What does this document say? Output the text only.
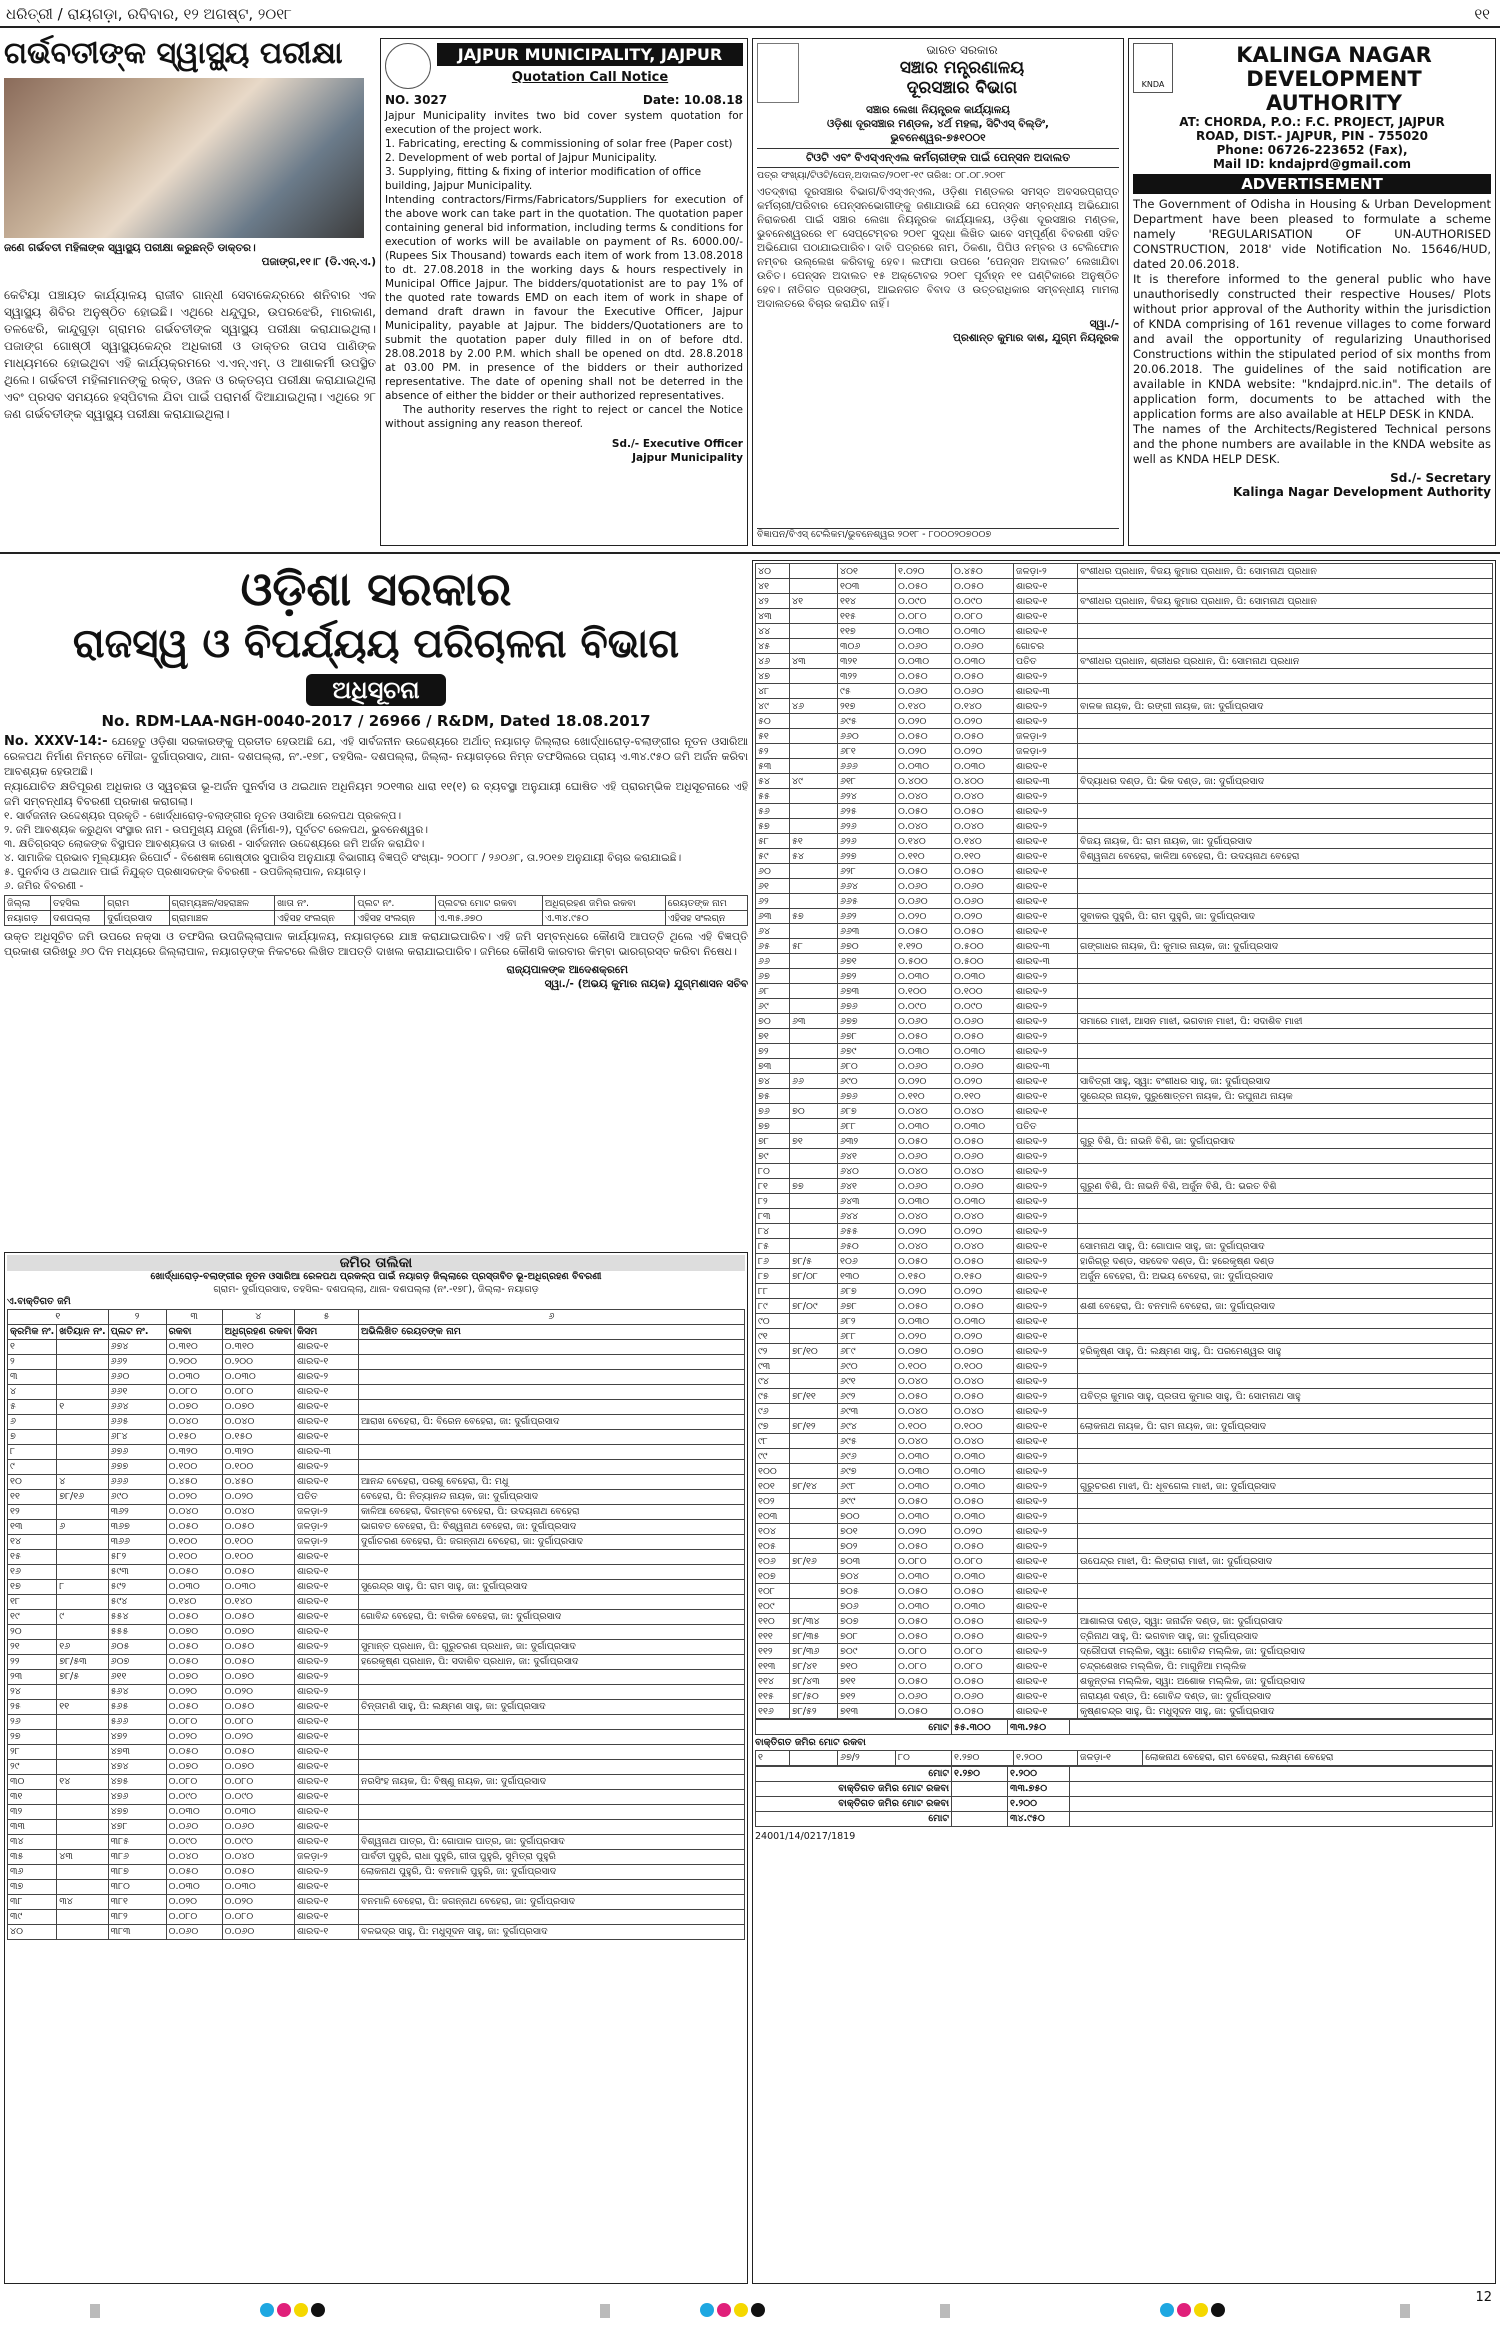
ଧରିତ୍ରୀ / ରାୟଗଡ଼ା, ରବିବାର, ୧୨ ଅଗଷ୍ଟ, ୨୦୧୮	୧୧
ଗର୍ଭବତୀଙ୍କ ସ୍ୱାସ୍ଥ୍ୟ ପରୀକ୍ଷା
ଜଣେ ଗର୍ଭବତୀ ମହିଳାଙ୍କ ସ୍ୱାସ୍ଥ୍ୟ ପରୀକ୍ଷା କରୁଛନ୍ତି ଡାକ୍ତର।
ପଜାଙ୍ଗ,୧୧।୮ (ଡି.ଏନ୍.ଏ.)
କେଟିୟା ପଞ୍ଚାୟତ କାର୍ଯ୍ୟାଳୟ ରାଜୀବ ଗାନ୍ଧୀ ସେବାକେନ୍ଦ୍ରରେ ଶନିବାର ଏକ ସ୍ୱାସ୍ଥ୍ୟ ଶିବିର ଅନୁଷ୍ଠିତ ହୋଇଛି। ଏଥିରେ ଧନ୍ଦୁପୁର, ଉପରଝେରି, ମାରକାଣ, ତଳଝେରି, କାନ୍ଦୁଗୁଡ଼ା ଗ୍ରାମର ଗର୍ଭବତୀଙ୍କ ସ୍ୱାସ୍ଥ୍ୟ ପରୀକ୍ଷା କରାଯାଇଥିଲା। ପଜାଙ୍ଗ ଗୋଷ୍ଠୀ ସ୍ୱାସ୍ଥ୍ୟକେନ୍ଦ୍ର ଅଧିକାରୀ ଓ ଡାକ୍ତର ତାପସ ପାଣିଙ୍କ ମାଧ୍ୟମରେ ହୋଇଥିବା ଏହି କାର୍ଯ୍ୟକ୍ରମରେ ଏ.ଏନ୍.ଏମ୍. ଓ ଆଶାକର୍ମୀ ଉପସ୍ଥିତ ଥିଲେ। ଗର୍ଭବତୀ ମହିଳାମାନଙ୍କୁ ରକ୍ତ, ଓଜନ ଓ ରକ୍ତଚାପ ପରୀକ୍ଷା କରାଯାଇଥିଲା ଏବଂ ପ୍ରସବ ସମୟରେ ହସ୍ପିଟାଲ ଯିବା ପାଇଁ ପରାମର୍ଶ ଦିଆଯାଇଥିଲା। ଏଥିରେ ୨୮ ଜଣ ଗର୍ଭବତୀଙ୍କ ସ୍ୱାସ୍ଥ୍ୟ ପରୀକ୍ଷା କରାଯାଇଥିଲା।
JAJPUR MUNICIPALITY, JAJPUR
Quotation Call Notice
NO. 3027	Date: 10.08.18
Jajpur Municipality invites two bid cover system quotation for execution of the project work.
1. Fabricating, erecting & commissioning of solar free (Paper cost)
2. Development of web portal of Jajpur Municipality.
3. Supplying, fitting & fixing of interior modification of office building, Jajpur Municipality.
Intending contractors/Firms/Fabricators/Suppliers for execution of the above work can take part in the quotation. The quotation paper containing general bid information, including terms & conditions for execution of works will be available on payment of Rs. 6000.00/- (Rupees Six Thousand) towards each item of work from 13.08.2018 to dt. 27.08.2018 in the working days & hours respectively in Municipal Office Jajpur. The bidders/quotationist are to pay 1% of the quoted rate towards EMD on each item of work in shape of demand draft drawn in favour the Executive Officer, Jajpur Municipality, payable at Jajpur. The bidders/Quotationers are to submit the quotation paper duly filled in on of before dtd. 28.08.2018 by 2.00 P.M. which shall be opened on dtd. 28.8.2018 at 03.00 PM. in presence of the bidders or their authorized representative. The date of opening shall not be deterred in the absence of either the bidder or their authorized representatives.
The authority reserves the right to reject or cancel the Notice without assigning any reason thereof.
Sd./- Executive Officer
Jajpur Municipality
ଭାରତ ସରକାର
ସଞ୍ଚାର ମନ୍ତ୍ରଣାଳୟ
ଦୂରସଞ୍ଚାର ବିଭାଗ
ସଞ୍ଚାର ଲେଖା ନିୟନ୍ତ୍ରକ କାର୍ଯ୍ୟାଳୟ
ଓଡ଼ିଶା ଦୂରସଞ୍ଚାର ମଣ୍ଡଳ, ୪ର୍ଥ ମହଲା, ସିଟିଏସ୍ ବିଲ୍ଡିଂ,
ଭୁବନେଶ୍ୱର-୭୫୧୦୦୧
ଟିଓଟି ଏବଂ ବିଏସ୍ଏନ୍ଏଲ କର୍ମଚାରୀଙ୍କ ପାଇଁ ପେନ୍ସନ ଅଦାଲତ
ପତ୍ର ସଂଖ୍ୟା/ଟିଓଟି/ପେନ୍.ଅଦାଲତ/୨୦୧୮-୧୯ ତାରିଖ: ୦୮.୦୮.୨୦୧୮
ଏତଦ୍ଵାରା ଦୂରସଞ୍ଚାର ବିଭାଗ/ବିଏସ୍ଏନ୍ଏଲ, ଓଡ଼ିଶା ମଣ୍ଡଳର ସମସ୍ତ ଅବସରପ୍ରାପ୍ତ କର୍ମଚାରୀ/ପରିବାର ପେନ୍ସନଭୋଗୀଙ୍କୁ ଜଣାଯାଉଛି ଯେ ପେନ୍ସନ ସମ୍ବନ୍ଧୀୟ ଅଭିଯୋଗ ନିରାକରଣ ପାଇଁ ସଞ୍ଚାର ଲେଖା ନିୟନ୍ତ୍ରକ କାର୍ଯ୍ୟାଳୟ, ଓଡ଼ିଶା ଦୂରସଞ୍ଚାର ମଣ୍ଡଳ, ଭୁବନେଶ୍ୱରରେ ୧୮ ସେପ୍ଟେମ୍ବର ୨୦୧୮ ସୁଦ୍ଧା ଲିଖିତ ଭାବେ ସମ୍ପୂର୍ଣ୍ଣ ବିବରଣୀ ସହିତ ଅଭିଯୋଗ ପଠାଯାଇପାରିବ। ଦାବି ପତ୍ରରେ ନାମ, ଠିକଣା, ପିପିଓ ନମ୍ବର ଓ ଟେଲିଫୋନ ନମ୍ବର ଉଲ୍ଲେଖ କରିବାକୁ ହେବ। ଲଫାପା ଉପରେ ‘ପେନ୍ସନ ଅଦାଲତ’ ଲେଖାଯିବା ଉଚିତ। ପେନ୍ସନ ଅଦାଲତ ୧୫ ଅକ୍ଟୋବର ୨୦୧୮ ପୂର୍ବାହ୍ନ ୧୧ ଘଣ୍ଟିକାରେ ଅନୁଷ୍ଠିତ ହେବ। ନୀତିଗତ ପ୍ରସଙ୍ଗ, ଆଇନଗତ ବିବାଦ ଓ ଉତ୍ତରାଧିକାର ସମ୍ବନ୍ଧୀୟ ମାମଲା ଅଦାଲତରେ ବିଚାର କରାଯିବ ନାହିଁ।
ସ୍ୱା./-
ପ୍ରଶାନ୍ତ କୁମାର ଦାଶ, ଯୁଗ୍ମ ନିୟନ୍ତ୍ରକ
ବିଜ୍ଞାପନ/ବିଏସ୍ ଟେଲିକମ/ଭୁବନେଶ୍ୱର ୨୦୧୮ - ୮୦୦୦୨୦୭୦୦୭
KNDA
KALINGA NAGAR
DEVELOPMENT AUTHORITY
AT: CHORDA, P.O.: F.C. PROJECT, JAJPUR
ROAD, DIST.- JAJPUR, PIN - 755020
Phone: 06726-223652 (Fax),
Mail ID: kndajprd@gmail.com
ADVERTISEMENT
The Government of Odisha in Housing & Urban Development Department have been pleased to formulate a scheme namely 'REGULARISATION OF UN-AUTHORISED CONSTRUCTION, 2018' vide Notification No. 15646/HUD, dated 20.06.2018.
It is therefore informed to the general public who have unauthorisedly constructed their respective Houses/ Plots without prior approval of the Authority within the jurisdiction of KNDA comprising of 161 revenue villages to come forward and avail the opportunity of regularizing Unauthorised Constructions within the stipulated period of six months from 20.06.2018. The guidelines of the said notification are available in KNDA website: "kndajprd.nic.in". The details of application form, documents to be attached with the application forms are also available at HELP DESK in KNDA.
The names of the Architects/Registered Technical persons and the phone numbers are available in the KNDA website as well as KNDA HELP DESK.
Sd./- Secretary
Kalinga Nagar Development Authority
ଓଡ଼ିଶା ସରକାର
ରାଜସ୍ୱ ଓ ବିପର୍ଯ୍ୟୟ ପରିଚାଳନା ବିଭାଗ
ଅଧିସୂଚନା
No. RDM-LAA-NGH-0040-2017 / 26966 / R&DM, Dated 18.08.2017
No. XXXV-14:- ଯେହେତୁ ଓଡ଼ିଶା ସରକାରଙ୍କୁ ପ୍ରତୀତ ହେଉଅଛି ଯେ, ଏହି ସାର୍ବଜନୀନ ଉଦ୍ଦେଶ୍ୟରେ ଅର୍ଥାତ୍ ନୟାଗଡ଼ ଜିଲ୍ଲାର ଖୋର୍ଦ୍ଧାରୋଡ଼-ବଲାଙ୍ଗୀର ନୂତନ ଓସାରିଆ ରେଳପଥ ନିର୍ମାଣ ନିମନ୍ତେ ମୌଜା- ଦୁର୍ଗାପ୍ରସାଦ, ଥାନା- ଦଶପଲ୍ଲା, ନଂ.-୧୭୮, ତହସିଲ- ଦଶପଲ୍ଲା, ଜିଲ୍ଲା- ନୟାଗଡ଼ରେ ନିମ୍ନ ତଫସିଲରେ ପ୍ରାୟ ଏ.୩୪.୯୫୦ ଜମି ଅର୍ଜନ କରିବା ଆବଶ୍ୟକ ହେଉଅଛି।
ନ୍ୟାଯୋଚିତ କ୍ଷତିପୂରଣ ଅଧିକାର ଓ ସ୍ୱଚ୍ଛତା ଭୂ-ଅର୍ଜନ ପୁନର୍ବାସ ଓ ଥଇଥାନ ଅଧିନିୟମ ୨୦୧୩ର ଧାରା ୧୧(୧) ର ବ୍ୟବସ୍ଥା ଅନୁଯାୟୀ ଘୋଷିତ ଏହି ପ୍ରାରମ୍ଭିକ ଅଧିସୂଚନାରେ ଏହି ଜମି ସମ୍ବନ୍ଧୀୟ ବିବରଣୀ ପ୍ରକାଶ କରାଗଲା।
୧. ସାର୍ବଜନୀନ ଉଦ୍ଦେଶ୍ୟର ପ୍ରକୃତି - ଖୋର୍ଦ୍ଧାରୋଡ଼-ବଲାଙ୍ଗୀର ନୂତନ ଓସାରିଆ ରେଳପଥ ପ୍ରକଳ୍ପ।
୨. ଜମି ଆବଶ୍ୟକ କରୁଥିବା ସଂସ୍ଥାର ନାମ - ଉପମୁଖ୍ୟ ଯନ୍ତ୍ରୀ (ନିର୍ମାଣ-୨), ପୂର୍ବତଟ ରେଳପଥ, ଭୁବନେଶ୍ୱର।
୩. କ୍ଷତିଗ୍ରସ୍ତ ଲୋକଙ୍କ ବିସ୍ଥାପନ ଆବଶ୍ୟକତା ଓ କାରଣ - ସାର୍ବଜନୀନ ଉଦ୍ଦେଶ୍ୟରେ ଜମି ଅର୍ଜନ କରାଯିବ।
୪. ସାମାଜିକ ପ୍ରଭାବ ମୂଲ୍ୟାୟନ ରିପୋର୍ଟ - ବିଶେଷଜ୍ଞ ଗୋଷ୍ଠୀର ସୁପାରିସ ଅନୁଯାୟୀ ବିଭାଗୀୟ ବିଜ୍ଞପ୍ତି ସଂଖ୍ୟା- ୨୦୦୮୮ / ୨୬୦୬୮, ତା.୨୦୧୭ ଅନୁଯାୟୀ ବିଚାର କରାଯାଇଛି।
୫. ପୁନର୍ବାସ ଓ ଥଇଥାନ ପାଇଁ ନିଯୁକ୍ତ ପ୍ରଶାସକଙ୍କ ବିବରଣୀ - ଉପଜିଲ୍ଲାପାଳ, ନୟାଗଡ଼।
୬. ଜମିର ବିବରଣୀ -
ଜିଲ୍ଲା	ତହସିଲ	ଗ୍ରାମ	ଗ୍ରାମ୍ୟଞ୍ଚଳ/ସହରାଞ୍ଚଳ	ଖାତା ନଂ.	ପ୍ଲଟ ନଂ.	ପ୍ଲଟର ମୋଟ ରକବା	ଅଧିଗ୍ରହଣ ଜମିର ରକବା	ରେୟତଙ୍କ ନାମ
ନୟାଗଡ଼	ଦଶପଲ୍ଲା	ଦୁର୍ଗାପ୍ରସାଦ	ଗ୍ରାମାଞ୍ଚଳ	ଏହିସହ ସଂଲଗ୍ନ	ଏହିସହ ସଂଲଗ୍ନ	ଏ.୩୫.୬୭୦	ଏ.୩୪.୯୫୦	ଏହିସହ ସଂଲଗ୍ନ
ଉକ୍ତ ଅଧିସୂଚିତ ଜମି ଉପରେ ନକ୍ସା ଓ ତଫସିଲ ଉପଜିଲ୍ଲାପାଳ କାର୍ଯ୍ୟାଳୟ, ନୟାଗଡ଼ରେ ଯାଞ୍ଚ କରାଯାଇପାରିବ। ଏହି ଜମି ସମ୍ବନ୍ଧରେ କୌଣସି ଆପତ୍ତି ଥିଲେ ଏହି ବିଜ୍ଞପ୍ତି ପ୍ରକାଶ ତାରିଖରୁ ୬୦ ଦିନ ମଧ୍ୟରେ ଜିଲ୍ଲାପାଳ, ନୟାଗଡ଼ଙ୍କ ନିକଟରେ ଲିଖିତ ଆପତ୍ତି ଦାଖଲ କରାଯାଇପାରିବ। ଜମିରେ କୌଣସି କାରବାର କିମ୍ବା ଭାରଗ୍ରସ୍ତ କରିବା ନିଷେଧ।
ରାଜ୍ୟପାଳଙ୍କ ଆଦେଶକ୍ରମେ
ସ୍ୱା./- (ଅଭୟ କୁମାର ନାୟକ) ଯୁଗ୍ମଶାସନ ସଚିବ
ଜମିର ତାଲିକା
ଖୋର୍ଦ୍ଧାରୋଡ଼-ବଲାଙ୍ଗୀର ନୂତନ ଓସାରିଆ ରେଳପଥ ପ୍ରକଳ୍ପ ପାଇଁ ନୟାଗଡ଼ ଜିଲ୍ଲାରେ ପ୍ରସ୍ତାବିତ ଭୂ-ଅଧିଗ୍ରହଣ ବିବରଣୀ
ଗ୍ରାମ- ଦୁର୍ଗାପ୍ରସାଦ, ତହସିଲ- ଦଶପଲ୍ଲା, ଥାନା- ଦଶପଲ୍ଲା (ନଂ.-୧୭୮), ଜିଲ୍ଲା- ନୟାଗଡ଼
ଏ.ବାକ୍ତିଗତ ଜମି
୧		୨	୩	୪	୫	୬
କ୍ରମିକ ନଂ.	ଖତିୟାନ ନଂ.	ପ୍ଲଟ ନଂ.	ରକବା	ଅଧିଗ୍ରହଣ ରକବା	କିସମ	ଅଭିଲିଖିତ ରେୟତଙ୍କ ନାମ
୧		୬୭୪	୦.୩୧୦	୦.୩୧୦	ଶାରଦ-୧	
୨		୬୬୨	୦.୨୦୦	୦.୨୦୦	ଶାରଦ-୧	
୩		୬୬୦	୦.୦୩୦	୦.୦୩୦	ଶାରଦ-୨	
୪		୬୬୧	୦.୦୮୦	୦.୦୮୦	ଶାରଦ-୧	
୫	୧	୬୬୪	୦.୦୭୦	୦.୦୭୦	ଶାରଦ-୧	
୬		୬୬୫	୦.୦୪୦	୦.୦୪୦	ଶାରଦ-୧	ଆରାଖ ବେହେରା, ପି: ବିରେନ ବେହେରା, ଜା: ଦୁର୍ଗାପ୍ରସାଦ
୭		୬୮୪	୦.୧୫୦	୦.୧୫୦	ଶାରଦ-୧	
୮		୬୭୬	୦.୩୨୦	୦.୩୨୦	ଶାରଦ-୩	
୯		୬୭୭	୦.୧୦୦	୦.୧୦୦	ଶାରଦ-୨	
୧୦	୪	୬୬୬	୦.୪୫୦	୦.୪୫୦	ଶାରଦ-୧	ଆନନ୍ଦ ବେହେରା, ପରଶୁ ବେହେରା, ପି: ମଧୁ
୧୧	୭୮/୧୬	୬୯୦	୦.୦୨୦	୦.୦୨୦	ପତିତ	ବେହେରା, ପି: ନିତ୍ୟାନନ୍ଦ ନାୟକ, ଜା: ଦୁର୍ଗାପ୍ରସାଦ
୧୨		୩୬୨	୦.୦୪୦	୦.୦୪୦	ଜଳଡ଼ା-୨	କାଳିଆ ବେହେରା, ଦିଗମ୍ବର ବେହେରା, ପି: ଉଦୟନାଥ ବେହେରା
୧୩	୬	୩୬୭	୦.୦୫୦	୦.୦୫୦	ଜଳଡ଼ା-୨	ଭାଗବତ ବେହେରା, ପି: ବିଶ୍ୱନାଥ ବେହେରା, ଜା: ଦୁର୍ଗାପ୍ରସାଦ
୧୪		୩୬୬	୦.୧୦୦	୦.୧୦୦	ଜଳଡ଼ା-୨	ଦୁର୍ଗାଚରଣ ବେହେରା, ପି: ଜଗନ୍ନାଥ ବେହେରା, ଜା: ଦୁର୍ଗାପ୍ରସାଦ
୧୫		୫୮୨	୦.୧୦୦	୦.୧୦୦	ଶାରଦ-୧	
୧୬		୫୯୩	୦.୦୫୦	୦.୦୫୦	ଶାରଦ-୧	
୧୭	୮	୫୯୨	୦.୦୩୦	୦.୦୩୦	ଶାରଦ-୧	ସୁରେନ୍ଦ୍ର ସାହୁ, ପି: ରାମ ସାହୁ, ଜା: ଦୁର୍ଗାପ୍ରସାଦ
୧୮		୫୯୪	୦.୧୪୦	୦.୧୪୦	ଶାରଦ-୧	
୧୯	୯	୫୫୪	୦.୦୫୦	୦.୦୫୦	ଶାରଦ-୧	ଗୋବିନ୍ଦ ବେହେରା, ପି: ବାରିକ ବେହେରା, ଜା: ଦୁର୍ଗାପ୍ରସାଦ
୨୦		୫୫୫	୦.୦୭୦	୦.୦୭୦	ଶାରଦ-୧	
୨୧	୧୬	୬୦୫	୦.୦୫୦	୦.୦୫୦	ଶାରଦ-୨	ସୁମାନ୍ତ ପ୍ରଧାନ, ପି: ଗୁରୁଚରଣ ପ୍ରଧାନ, ଜା: ଦୁର୍ଗାପ୍ରସାଦ
୨୨	୭୮/୫୩	୬୦୭	୦.୦୫୦	୦.୦୫୦	ଶାରଦ-୨	ହରେକୃଷ୍ଣ ପ୍ରଧାନ, ପି: ସଦାଶିବ ପ୍ରଧାନ, ଜା: ଦୁର୍ଗାପ୍ରସାଦ
୨୩	୭୮/୫	୬୧୧	୦.୦୭୦	୦.୦୭୦	ଶାରଦ-୨	
୨୪		୫୬୪	୦.୦୨୦	୦.୦୨୦	ଶାରଦ-୨	
୨୫	୧୧	୫୬୫	୦.୦୫୦	୦.୦୫୦	ଶାରଦ-୧	ଚିନ୍ତାମଣି ସାହୁ, ପି: ଲକ୍ଷ୍ମଣ ସାହୁ, ଜା: ଦୁର୍ଗାପ୍ରସାଦ
୨୬		୫୬୬	୦.୦୮୦	୦.୦୮୦	ଶାରଦ-୧	
୨୭		୪୭୨	୦.୦୨୦	୦.୦୨୦	ଶାରଦ-୧	
୨୮		୪୭୩	୦.୦୫୦	୦.୦୫୦	ଶାରଦ-୧	
୨୯		୪୭୪	୦.୦୭୦	୦.୦୭୦	ଶାରଦ-୧	
୩୦	୧୪	୪୭୫	୦.୦୮୦	୦.୦୮୦	ଶାରଦ-୧	ନରସିଂହ ନାୟକ, ପି: ବିଷ୍ଣୁ ନାୟକ, ଜା: ଦୁର୍ଗାପ୍ରସାଦ
୩୧		୪୭୬	୦.୦୯୦	୦.୦୯୦	ଶାରଦ-୧	
୩୨		୪୭୭	୦.୦୩୦	୦.୦୩୦	ଶାରଦ-୧	
୩୩		୪୭୮	୦.୦୬୦	୦.୦୬୦	ଶାରଦ-୧	
୩୪		୩୮୫	୦.୦୯୦	୦.୦୯୦	ଶାରଦ-୧	ବିଶ୍ୱନାଥ ପାତ୍ର, ପି: ଗୋପାଳ ପାତ୍ର, ଜା: ଦୁର୍ଗାପ୍ରସାଦ
୩୫	୪୩	୩୮୬	୦.୦୪୦	୦.୦୪୦	ଜଳଡ଼ା-୨	ପାର୍ବତୀ ପୁହୁରି, ରାଧା ପୁହୁରି, ଗୀତା ପୁହୁରି, ସୁମିତ୍ରା ପୁହୁରି
୩୬		୩୮୭	୦.୦୫୦	୦.୦୫୦	ଶାରଦ-୨	ଲୋକନାଥ ପୁହୁରି, ପି: ବନମାଳି ପୁହୁରି, ଜା: ଦୁର୍ଗାପ୍ରସାଦ
୩୭		୩୮୦	୦.୦୩୦	୦.୦୩୦	ଶାରଦ-୧	
୩୮	୩୪	୩୮୧	୦.୦୨୦	୦.୦୨୦	ଶାରଦ-୧	ବନମାଳି ବେହେରା, ପି: ଜଗନ୍ନାଥ ବେହେରା, ଜା: ଦୁର୍ଗାପ୍ରସାଦ
୩୯		୩୮୨	୦.୦୮୦	୦.୦୮୦	ଶାରଦ-୧	
୪୦		୩୮୩	୦.୦୬୦	୦.୦୬୦	ଶାରଦ-୧	ବଳଭଦ୍ର ସାହୁ, ପି: ମଧୁସୂଦନ ସାହୁ, ଜା: ଦୁର୍ଗାପ୍ରସାଦ
୪୦		୪୦୧	୧.୦୨୦	୦.୪୫୦	ଜଳଡ଼ା-୨	ବଂଶୀଧର ପ୍ରଧାନ, ବିଜୟ କୁମାର ପ୍ରଧାନ, ପି: ସୋମନାଥ ପ୍ରଧାନ
୪୧		୧୦୩	୦.୦୫୦	୦.୦୫୦	ଶାରଦ-୧	
୪୨	୪୧	୧୧୪	୦.୦୯୦	୦.୦୯୦	ଶାରଦ-୧	ବଂଶୀଧର ପ୍ରଧାନ, ବିଜୟ କୁମାର ପ୍ରଧାନ, ପି: ସୋମନାଥ ପ୍ରଧାନ
୪୩		୧୧୫	୦.୦୮୦	୦.୦୮୦	ଶାରଦ-୧	
୪୪		୧୧୭	୦.୦୩୦	୦.୦୩୦	ଶାରଦ-୧	
୪୫		୩୦୬	୦.୦୬୦	୦.୦୬୦	ଗୋଚର	
୪୬	୪୩	୩୨୧	୦.୦୩୦	୦.୦୩୦	ପତିତ	ବଂଶୀଧର ପ୍ରଧାନ, ଶ୍ରୀଧର ପ୍ରଧାନ, ପି: ସୋମନାଥ ପ୍ରଧାନ
୪୭		୩୨୨	୦.୦୫୦	୦.୦୫୦	ଶାରଦ-୨	
୪୮		୯୫	୦.୦୬୦	୦.୦୬୦	ଶାରଦ-୩	
୪୯	୪୬	୨୧୭	୦.୧୪୦	୦.୧୪୦	ଶାରଦ-୨	ବାଳକ ନାୟକ, ପି: ରଙ୍ଗୀ ନାୟକ, ଜା: ଦୁର୍ଗାପ୍ରସାଦ
୫୦		୬୯୫	୦.୦୨୦	୦.୦୨୦	ଶାରଦ-୨	
୫୧		୬୬୦	୦.୦୫୦	୦.୦୫୦	ଜଳଡ଼ା-୨	
୫୨		୬୮୧	୦.୦୨୦	୦.୦୨୦	ଜଳଡ଼ା-୨	
୫୩		୬୬୬	୦.୦୩୦	୦.୦୩୦	ଶାରଦ-୧	
୫୪	୪୯	୬୧୮	୦.୪୦୦	୦.୪୦୦	ଶାରଦ-୩	ବିଦ୍ୟାଧର ଦଣ୍ଡ, ପି: ଭିକ ଦଣ୍ଡ, ଜା: ଦୁର୍ଗାପ୍ରସାଦ
୫୫		୬୨୪	୦.୦୪୦	୦.୦୪୦	ଶାରଦ-୨	
୫୬		୬୨୫	୦.୦୫୦	୦.୦୫୦	ଶାରଦ-୨	
୫୭		୬୨୬	୦.୦୪୦	୦.୦୪୦	ଶାରଦ-୨	
୫୮	୫୧	୬୨୬	୦.୧୪୦	୦.୧୪୦	ଶାରଦ-୧	ବିଜୟ ନାୟକ, ପି: ରାମ ନାୟକ, ଜା: ଦୁର୍ଗାପ୍ରସାଦ
୫୯	୫୪	୬୨୭	୦.୧୧୦	୦.୧୧୦	ଶାରଦ-୧	ବିଶ୍ୱନାଥ ବେହେରା, କାଳିଆ ବେହେରା, ପି: ଉଦୟନାଥ ବେହେରା
୬୦		୬୨୮	୦.୦୫୦	୦.୦୫୦	ଶାରଦ-୧	
୬୧		୬୬୪	୦.୦୬୦	୦.୦୬୦	ଶାରଦ-୧	
୬୨		୬୬୫	୦.୦୬୦	୦.୦୬୦	ଶାରଦ-୧	
୬୩	୫୭	୬୬୨	୦.୦୨୦	୦.୦୨୦	ଶାରଦ-୧	ସୁବାକର ପୁହୁରି, ପି: ରାମ ପୁହୁରି, ଜା: ଦୁର୍ଗାପ୍ରସାଦ
୬୪		୬୬୩	୦.୦୫୦	୦.୦୫୦	ଶାରଦ-୧	
୬୫	୫୮	୬୭୦	୧.୧୨୦	୦.୫୦୦	ଶାରଦ-୩	ଗଙ୍ଗାଧର ନାୟକ, ପି: କୁମାର ନାୟକ, ଜା: ଦୁର୍ଗାପ୍ରସାଦ
୬୬		୬୭୧	୦.୫୦୦	୦.୫୦୦	ଶାରଦ-୩	
୬୭		୬୭୨	୦.୦୩୦	୦.୦୩୦	ଶାରଦ-୨	
୬୮		୬୭୩	୦.୧୦୦	୦.୧୦୦	ଶାରଦ-୨	
୬୯		୬୭୬	୦.୦୯୦	୦.୦୯୦	ଶାରଦ-୨	
୭୦	୬୩	୬୭୭	୦.୦୬୦	୦.୦୬୦	ଶାରଦ-୨	ସମାରେ ମାଝୀ, ଆସନ ମାଝୀ, ଭଗବାନ ମାଝୀ, ପି: ସଦାଶିବ ମାଝୀ
୭୧		୬୭୮	୦.୦୫୦	୦.୦୫୦	ଶାରଦ-୨	
୭୨		୬୭୯	୦.୦୩୦	୦.୦୩୦	ଶାରଦ-୨	
୭୩		୬୮୦	୦.୦୬୦	୦.୦୬୦	ଶାରଦ-୩	
୭୪	୬୬	୬୯୦	୦.୦୨୦	୦.୦୨୦	ଶାରଦ-୧	ସାବିତ୍ରୀ ସାହୁ, ସ୍ୱା: ବଂଶୀଧର ସାହୁ, ଜା: ଦୁର୍ଗାପ୍ରସାଦ
୭୫		୬୭୬	୦.୧୧୦	୦.୧୧୦	ଶାରଦ-୧	ସୁରେନ୍ଦ୍ର ନାୟକ, ପୁରୁଷୋତ୍ତମ ନାୟକ, ପି: ରଘୁନାଥ ନାୟକ
୭୬	୭୦	୬୮୭	୦.୦୪୦	୦.୦୪୦	ଶାରଦ-୧	
୭୭		୬୮୮	୦.୦୩୦	୦.୦୩୦	ପତିତ	
୭୮	୭୧	୬୩୨	୦.୦୫୦	୦.୦୫୦	ଶାରଦ-୨	ଗୁରୁ ବିଶି, ପି: ନାଭନି ବିଶି, ଜା: ଦୁର୍ଗାପ୍ରସାଦ
୭୯		୬୪୧	୦.୦୬୦	୦.୦୬୦	ଶାରଦ-୨	
୮୦		୬୪୦	୦.୦୪୦	୦.୦୪୦	ଶାରଦ-୨	
୮୧	୭୭	୬୪୧	୦.୦୬୦	୦.୦୬୦	ଶାରଦ-୨	ଗୁରୁଣ ବିଶି, ପି: ନାଭନି ବିଶି, ଅର୍ଜୁନ ବିଶି, ପି: ଭରତ ବିଶି
୮୨		୬୪୩	୦.୦୩୦	୦.୦୩୦	ଶାରଦ-୨	
୮୩		୬୪୪	୦.୦୪୦	୦.୦୪୦	ଶାରଦ-୨	
୮୪		୬୫୫	୦.୦୨୦	୦.୦୨୦	ଶାରଦ-୨	
୮୫		୬୫୦	୦.୦୪୦	୦.୦୪୦	ଶାରଦ-୧	ସୋମନାଥ ସାହୁ, ପି: ଗୋପାଳ ସାହୁ, ଜା: ଦୁର୍ଗାପ୍ରସାଦ
୮୬	୭୮/୫	୧୦୬	୦.୦୫୦	୦.୦୫୦	ଶାରଦ-୨	ହାରିଗ୍ରୂ ଦଣ୍ଡ, ସହଦେବ ଦଣ୍ଡ, ପି: ହରେକୃଷ୍ଣ ଦଣ୍ଡ
୮୭	୭୮/୦୮	୧୩୦	୦.୧୫୦	୦.୧୫୦	ଶାରଦ-୨	ଅର୍ଜୁନ ବେହେରା, ପି: ଅଭୟ ବେହେରା, ଜା: ଦୁର୍ଗାପ୍ରସାଦ
୮୮		୬୮୭	୦.୦୨୦	୦.୦୨୦	ଶାରଦ-୧	
୮୯	୭୮/୦୯	୬୭୮	୦.୦୫୦	୦.୦୫୦	ଶାରଦ-୨	ଶଶୀ ବେହେରା, ପି: ବନମାଳି ବେହେରା, ଜା: ଦୁର୍ଗାପ୍ରସାଦ
୯୦		୬୮୨	୦.୦୩୦	୦.୦୩୦	ଶାରଦ-୧	
୯୧		୬୮୮	୦.୦୨୦	୦.୦୨୦	ଶାରଦ-୧	
୯୨	୭୮/୧୦	୬୮୯	୦.୦୭୦	୦.୦୭୦	ଶାରଦ-୨	ହରିକୃଷ୍ଣ ସାହୁ, ପି: ଲକ୍ଷ୍ମଣ ସାହୁ, ପି: ପରମେଶ୍ୱର ସାହୁ
୯୩		୬୯୦	୦.୧୦୦	୦.୧୦୦	ଶାରଦ-୨	
୯୪		୬୯୧	୦.୦୪୦	୦.୦୪୦	ଶାରଦ-୨	
୯୫	୭୮/୧୧	୬୯୨	୦.୦୫୦	୦.୦୫୦	ଶାରଦ-୨	ପବିତ୍ର କୁମାର ସାହୁ, ପ୍ରତାପ କୁମାର ସାହୁ, ପି: ସୋମନାଥ ସାହୁ
୯୬		୬୯୩	୦.୦୪୦	୦.୦୪୦	ଶାରଦ-୨	
୯୭	୭୮/୧୨	୬୯୪	୦.୧୦୦	୦.୧୦୦	ଶାରଦ-୧	ଲୋକନାଥ ନାୟକ, ପି: ରାମ ନାୟକ, ଜା: ଦୁର୍ଗାପ୍ରସାଦ
୯୮		୬୯୫	୦.୦୪୦	୦.୦୪୦	ଶାରଦ-୧	
୯୯		୬୯୬	୦.୦୩୦	୦.୦୩୦	ଶାରଦ-୨	
୧୦୦		୬୯୭	୦.୦୩୦	୦.୦୩୦	ଶାରଦ-୨	
୧୦୧	୭୮/୧୪	୬୯୮	୦.୦୩୦	୦.୦୩୦	ଶାରଦ-୨	ଗୁରୁଚରଣ ମାଝୀ, ପି: ଧୂବଗେଲ ମାଝୀ, ଜା: ଦୁର୍ଗାପ୍ରସାଦ
୧୦୨		୬୯୯	୦.୦୫୦	୦.୦୫୦	ଶାରଦ-୨	
୧୦୩		୭୦୦	୦.୦୩୦	୦.୦୩୦	ଶାରଦ-୨	
୧୦୪		୭୦୧	୦.୦୨୦	୦.୦୨୦	ଶାରଦ-୨	
୧୦୫		୭୦୨	୦.୦୫୦	୦.୦୫୦	ଶାରଦ-୨	
୧୦୬	୭୮/୧୬	୭୦୩	୦.୦୮୦	୦.୦୮୦	ଶାରଦ-୧	ଉପେନ୍ଦ୍ର ମାଝୀ, ପି: ଲିଙ୍ଗରା ମାଝୀ, ଜା: ଦୁର୍ଗାପ୍ରସାଦ
୧୦୭		୭୦୪	୦.୦୩୦	୦.୦୩୦	ଶାରଦ-୧	
୧୦୮		୭୦୫	୦.୦୫୦	୦.୦୫୦	ଶାରଦ-୧	
୧୦୯		୭୦୬	୦.୦୩୦	୦.୦୩୦	ଶାରଦ-୧	
୧୧୦	୭୮/୩୪	୭୦୭	୦.୦୫୦	୦.୦୫୦	ଶାରଦ-୨	ଆଶାଲତା ଦଣ୍ଡ, ସ୍ୱା: ଜନାର୍ଦ୍ଦନ ଦଣ୍ଡ, ଜା: ଦୁର୍ଗାପ୍ରସାଦ
୧୧୧	୭୮/୩୫	୭୦୮	୦.୦୫୦	୦.୦୫୦	ଶାରଦ-୨	ତ୍ରିନାଥ ସାହୁ, ପି: ଭଗବାନ ସାହୁ, ଜା: ଦୁର୍ଗାପ୍ରସାଦ
୧୧୨	୭୮/୩୬	୭୦୯	୦.୦୮୦	୦.୦୮୦	ଶାରଦ-୨	ଦ୍ରୌପଦୀ ମଲ୍ଲିକ, ସ୍ୱା: ଗୋବିନ୍ଦ ମଲ୍ଲିକ, ଜା: ଦୁର୍ଗାପ୍ରସାଦ
୧୧୩	୭୮/୪୧	୭୧୦	୦.୦୮୦	୦.୦୮୦	ଶାରଦ-୧	ଚନ୍ଦ୍ରଶେଖର ମଲ୍ଲିକ, ପି: ମାଗୁନିଆ ମଲ୍ଲିକ
୧୧୪	୭୮/୪୩	୭୧୧	୦.୦୫୦	୦.୦୫୦	ଶାରଦ-୧	ଶକୁନ୍ତଳା ମଲ୍ଲିକ, ସ୍ୱା: ଅଶୋକ ମଲ୍ଲିକ, ଜା: ଦୁର୍ଗାପ୍ରସାଦ
୧୧୫	୭୮/୫୦	୭୧୨	୦.୦୬୦	୦.୦୬୦	ଶାରଦ-୧	ନାରାୟଣ ଦଣ୍ଡ, ପି: ଗୋବିନ୍ଦ ଦଣ୍ଡ, ଜା: ଦୁର୍ଗାପ୍ରସାଦ
୧୧୬	୭୮/୫୨	୭୧୩	୦.୦୫୦	୦.୦୫୦	ଶାରଦ-୧	କୃଷ୍ଣଚନ୍ଦ୍ର ସାହୁ, ପି: ମଧୁସୂଦନ ସାହୁ, ଜା: ଦୁର୍ଗାପ୍ରସାଦ
ମୋଟ	୫୫.୩୦୦	୩୩.୨୫୦	
ବାକ୍ତିଗତ ଜମିର ମୋଟ ରକବା
୧		୬୭/୨	୮୦	୧.୨୭୦	୧.୨୦୦	ଜଳଡ଼ା-୧	ଲୋକନାଥ ବେହେରା, ରାମ ବେହେରା, ଲକ୍ଷ୍ମଣ ବେହେରା
ମୋଟ	୧.୨୭୦	୧.୨୦୦	
ବାକ୍ତିଗତ ଜମିର ମୋଟ ରକବା		୩୩.୭୫୦	
ବାକ୍ତିଗତ ଜମିର ମୋଟ ରକବା		୧.୨୦୦	
ମୋଟ		୩୪.୯୫୦	
24001/14/0217/1819
12
